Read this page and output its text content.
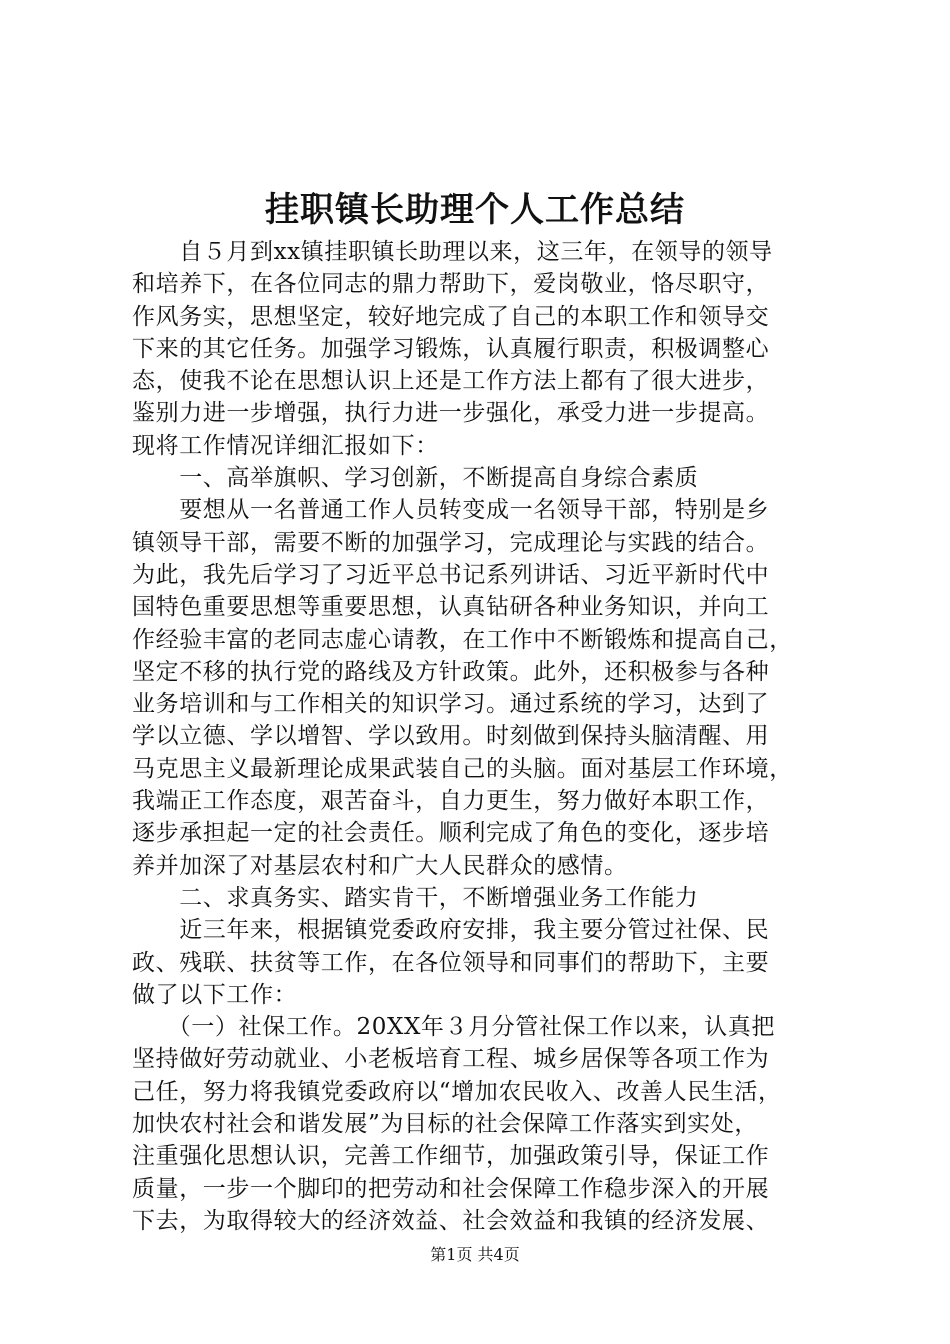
挂职镇长助理个人工作总结
　　自５月到xx镇挂职镇长助理以来，这三年，在领导的领导
和培养下，在各位同志的鼎力帮助下，爱岗敬业，恪尽职守，
作风务实，思想坚定，较好地完成了自己的本职工作和领导交
下来的其它任务。加强学习锻炼，认真履行职责，积极调整心
态，使我不论在思想认识上还是工作方法上都有了很大进步，
鉴别力进一步增强，执行力进一步强化，承受力进一步提高。
现将工作情况详细汇报如下：
　　一、高举旗帜、学习创新，不断提高自身综合素质
　　要想从一名普通工作人员转变成一名领导干部，特别是乡
镇领导干部，需要不断的加强学习，完成理论与实践的结合。
为此，我先后学习了习近平总书记系列讲话、习近平新时代中
国特色重要思想等重要思想，认真钻研各种业务知识，并向工
作经验丰富的老同志虚心请教，在工作中不断锻炼和提高自己，
坚定不移的执行党的路线及方针政策。此外，还积极参与各种
业务培训和与工作相关的知识学习。通过系统的学习，达到了
学以立德、学以增智、学以致用。时刻做到保持头脑清醒、用
马克思主义最新理论成果武装自己的头脑。面对基层工作环境，
我端正工作态度，艰苦奋斗，自力更生，努力做好本职工作，
逐步承担起一定的社会责任。顺利完成了角色的变化，逐步培
养并加深了对基层农村和广大人民群众的感情。
　　二、求真务实、踏实肯干，不断增强业务工作能力
　　近三年来，根据镇党委政府安排，我主要分管过社保、民
政、残联、扶贫等工作，在各位领导和同事们的帮助下，主要
做了以下工作：
　　（一）社保工作。20XX年３月分管社保工作以来，认真把
坚持做好劳动就业、小老板培育工程、城乡居保等各项工作为
己任，努力将我镇党委政府以“增加农民收入、改善人民生活，
加快农村社会和谐发展”为目标的社会保障工作落实到实处，
注重强化思想认识，完善工作细节，加强政策引导，保证工作
质量，一步一个脚印的把劳动和社会保障工作稳步深入的开展
下去，为取得较大的经济效益、社会效益和我镇的经济发展、
第1页 共4页
